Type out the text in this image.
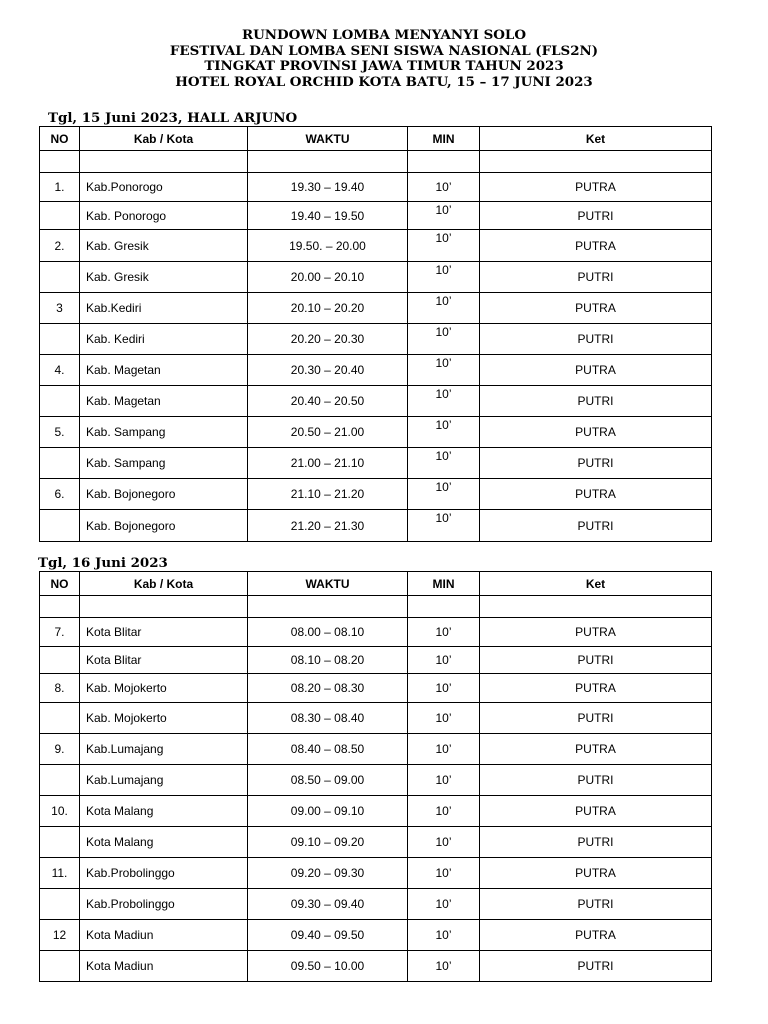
RUNDOWN LOMBA MENYANYI SOLO
FESTIVAL DAN LOMBA SENI SISWA NASIONAL (FLS2N)
TINGKAT PROVINSI JAWA TIMUR TAHUN 2023
HOTEL ROYAL ORCHID KOTA BATU, 15 – 17 JUNI 2023
Tgl, 15 Juni 2023, HALL ARJUNO
NO	Kab / Kota	WAKTU	MIN	Ket

1.	Kab.Ponorogo	19.30 – 19.40	10’	PUTRA
	Kab. Ponorogo	19.40 – 19.50	10’	PUTRI
2.	Kab. Gresik	19.50. – 20.00	10’	PUTRA
	Kab. Gresik	20.00 – 20.10	10’	PUTRI
3	Kab.Kediri	20.10 – 20.20	10’	PUTRA
	Kab. Kediri	20.20 – 20.30	10’	PUTRI
4.	Kab. Magetan	20.30 – 20.40	10’	PUTRA
	Kab. Magetan	20.40 – 20.50	10’	PUTRI
5.	Kab. Sampang	20.50 – 21.00	10’	PUTRA
	Kab. Sampang	21.00 – 21.10	10’	PUTRI
6.	Kab. Bojonegoro	21.10 – 21.20	10’	PUTRA
	Kab. Bojonegoro	21.20 – 21.30	10’	PUTRI
Tgl, 16 Juni 2023
NO	Kab / Kota	WAKTU	MIN	Ket

7.	Kota Blitar	08.00 – 08.10	10’	PUTRA
	Kota Blitar	08.10 – 08.20	10’	PUTRI
8.	Kab. Mojokerto	08.20 – 08.30	10’	PUTRA
	Kab. Mojokerto	08.30 – 08.40	10’	PUTRI
9.	Kab.Lumajang	08.40 – 08.50	10’	PUTRA
	Kab.Lumajang	08.50 – 09.00	10’	PUTRI
10.	Kota Malang	09.00 – 09.10	10’	PUTRA
	Kota Malang	09.10 – 09.20	10’	PUTRI
11.	Kab.Probolinggo	09.20 – 09.30	10’	PUTRA
	Kab.Probolinggo	09.30 – 09.40	10’	PUTRI
12	Kota Madiun	09.40 – 09.50	10’	PUTRA
	Kota Madiun	09.50 – 10.00	10’	PUTRI
